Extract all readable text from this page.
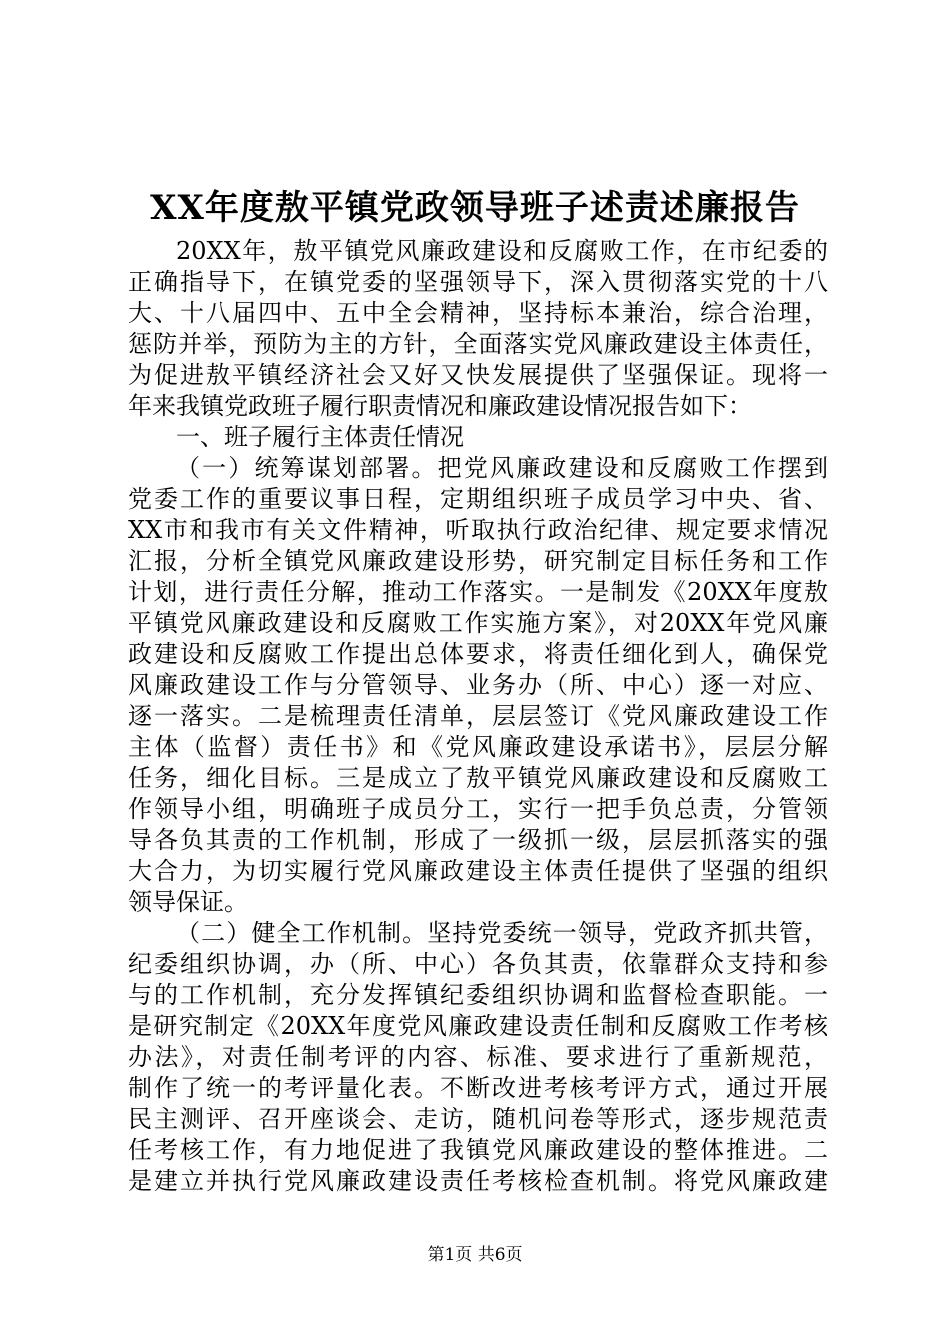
XX年度敖平镇党政领导班子述责述廉报告
20XX年，敖平镇党风廉政建设和反腐败工作，在市纪委的
正确指导下，在镇党委的坚强领导下，深入贯彻落实党的十八
大、十八届四中、五中全会精神，坚持标本兼治，综合治理，
惩防并举，预防为主的方针，全面落实党风廉政建设主体责任，
为促进敖平镇经济社会又好又快发展提供了坚强保证。现将一
年来我镇党政班子履行职责情况和廉政建设情况报告如下：
一、班子履行主体责任情况
（一）统筹谋划部署。把党风廉政建设和反腐败工作摆到
党委工作的重要议事日程，定期组织班子成员学习中央、省、
XX市和我市有关文件精神，听取执行政治纪律、规定要求情况
汇报，分析全镇党风廉政建设形势，研究制定目标任务和工作
计划，进行责任分解，推动工作落实。一是制发《20XX年度敖
平镇党风廉政建设和反腐败工作实施方案》，对20XX年党风廉
政建设和反腐败工作提出总体要求，将责任细化到人，确保党
风廉政建设工作与分管领导、业务办（所、中心）逐一对应、
逐一落实。二是梳理责任清单，层层签订《党风廉政建设工作
主体（监督）责任书》和《党风廉政建设承诺书》，层层分解
任务，细化目标。三是成立了敖平镇党风廉政建设和反腐败工
作领导小组，明确班子成员分工，实行一把手负总责，分管领
导各负其责的工作机制，形成了一级抓一级，层层抓落实的强
大合力，为切实履行党风廉政建设主体责任提供了坚强的组织
领导保证。
（二）健全工作机制。坚持党委统一领导，党政齐抓共管，
纪委组织协调，办（所、中心）各负其责，依靠群众支持和参
与的工作机制，充分发挥镇纪委组织协调和监督检查职能。一
是研究制定《20XX年度党风廉政建设责任制和反腐败工作考核
办法》，对责任制考评的内容、标准、要求进行了重新规范，
制作了统一的考评量化表。不断改进考核考评方式，通过开展
民主测评、召开座谈会、走访，随机问卷等形式，逐步规范责
任考核工作，有力地促进了我镇党风廉政建设的整体推进。二
是建立并执行党风廉政建设责任考核检查机制。将党风廉政建
第1页 共6页
